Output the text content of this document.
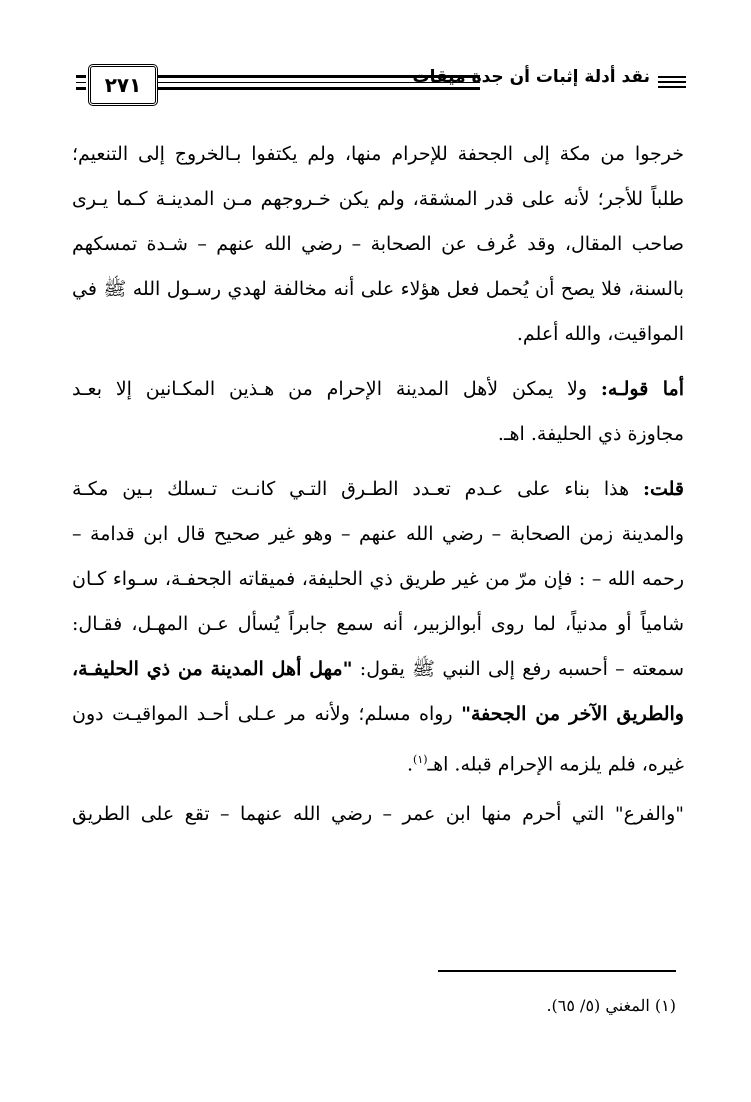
٢٧١	نقد أدلة إثبات أن جدة ميقات
خرجوا من مكة إلى الجحفة للإحرام منها، ولم يكتفوا بـالخروج إلى التنعيم؛
طلباً للأجر؛ لأنه على قدر المشقة، ولم يكن خـروجهم مـن المدينـة كـما يـرى
صاحب المقال، وقد عُرف عن الصحابة – رضي الله عنهم – شـدة تمسكهم
بالسنة، فلا يصح أن يُحمل فعل هؤلاء على أنه مخالفة لهدي رسـول الله ﷺ في
المواقيت، والله أعلم.
أما قولـه: ولا يمكن لأهل المدينة الإحرام من هـذين المكـانين إلا بعـد
مجاوزة ذي الحليفة. اهـ.
قلت: هذا بناء على عـدم تعـدد الطـرق التـي كانـت تـسلك بـين مكـة
والمدينة زمن الصحابة – رضي الله عنهم – وهو غير صحيح قال ابن قدامة –
رحمه الله – : فإن مرّ من غير طريق ذي الحليفة، فميقاته الجحفـة، سـواء كـان
شامياً أو مدنياً، لما روى أبوالزبير، أنه سمع جابراً يُسأل عـن المهـل، فقـال:
سمعته – أحسبه رفع إلى النبي ﷺ يقول: "مهل أهل المدينة من ذي الحليفـة،
والطريق الآخر من الجحفة" رواه مسلم؛ ولأنه مر عـلى أحـد المواقيـت دون
غيره، فلم يلزمه الإحرام قبله. اهـ$^{(١)}$.
"والفرع" التي أحرم منها ابن عمر – رضي الله عنهما – تقع على الطريق
(١) المغني (٥/ ٦٥).
